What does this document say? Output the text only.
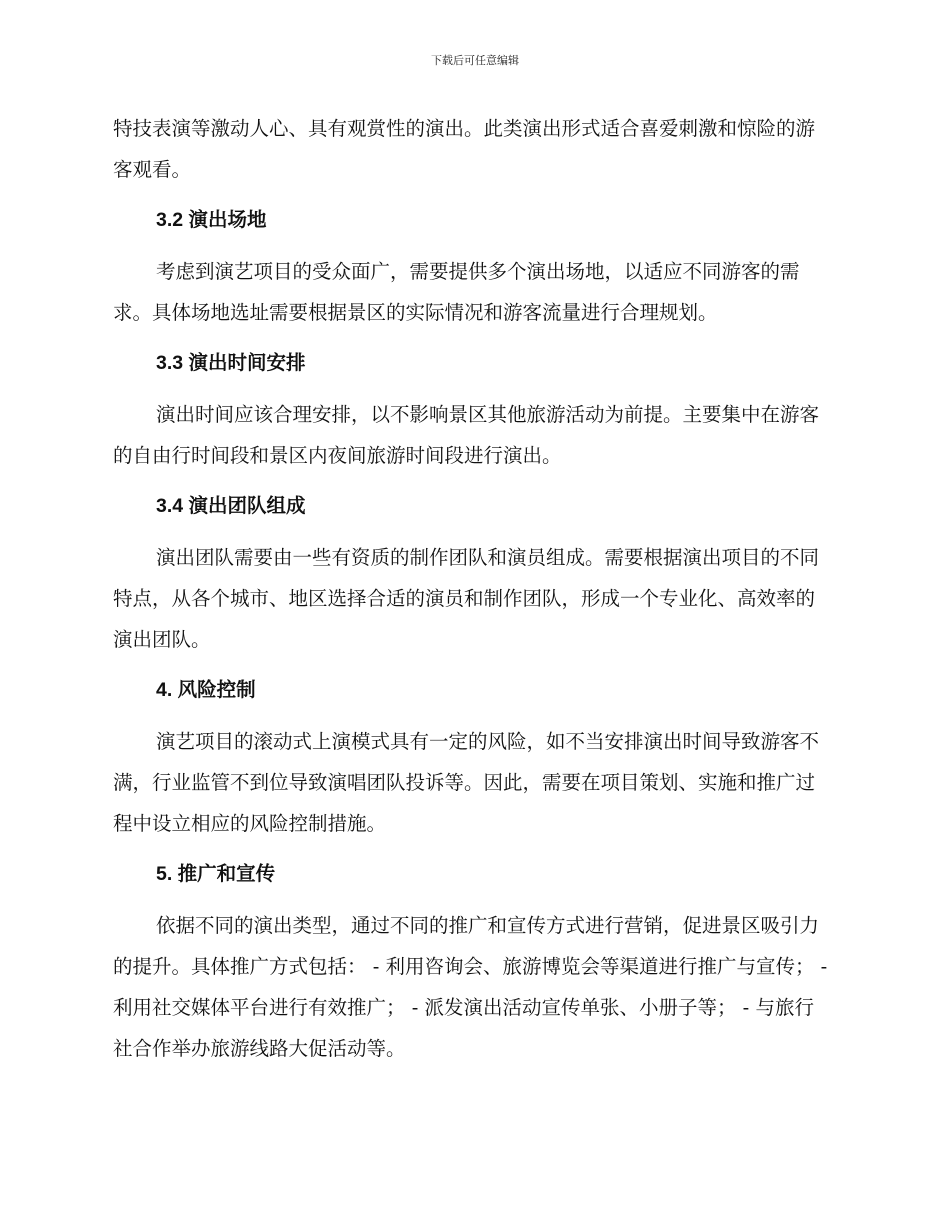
下载后可任意编辑

特技表演等激动人心、具有观赏性的演出。此类演出形式适合喜爱刺激和惊险的游客观看。

3.2 演出场地

考虑到演艺项目的受众面广，需要提供多个演出场地，以适应不同游客的需求。具体场地选址需要根据景区的实际情况和游客流量进行合理规划。

3.3 演出时间安排

演出时间应该合理安排，以不影响景区其他旅游活动为前提。主要集中在游客的自由行时间段和景区内夜间旅游时间段进行演出。

3.4 演出团队组成

演出团队需要由一些有资质的制作团队和演员组成。需要根据演出项目的不同特点，从各个城市、地区选择合适的演员和制作团队，形成一个专业化、高效率的演出团队。

4. 风险控制

演艺项目的滚动式上演模式具有一定的风险，如不当安排演出时间导致游客不满，行业监管不到位导致演唱团队投诉等。因此，需要在项目策划、实施和推广过程中设立相应的风险控制措施。

5. 推广和宣传

依据不同的演出类型，通过不同的推广和宣传方式进行营销，促进景区吸引力的提升。具体推广方式包括： - 利用咨询会、旅游博览会等渠道进行推广与宣传； - 利用社交媒体平台进行有效推广； - 派发演出活动宣传单张、小册子等； - 与旅行社合作举办旅游线路大促活动等。
